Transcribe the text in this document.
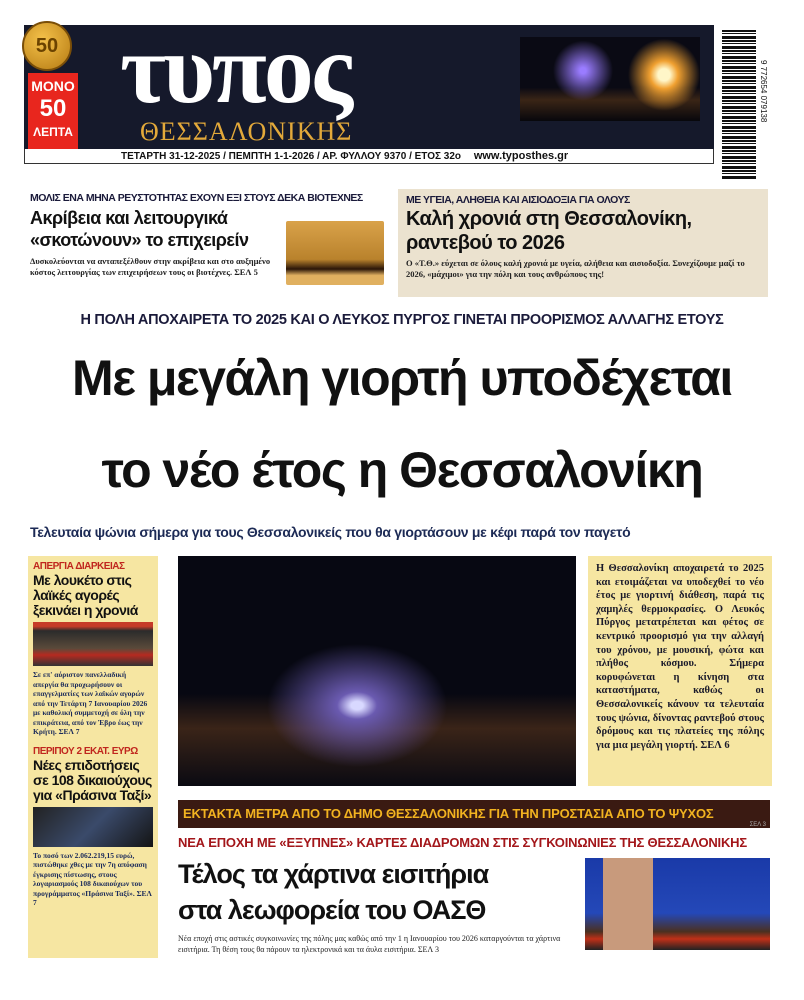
τυπος
ΘΕΣΣΑΛΟΝΙΚΗΣ
ΜΟΝΟ
50
ΛΕΠΤΑ
50
ΤΕΤΑΡΤΗ 31-12-2025 / ΠΕΜΠΤΗ 1-1-2026 / ΑΡ. ΦΥΛΛΟΥ 9370 / ΕΤΟΣ 32ο www.typosthes.gr
9 772654 079138
ΜΟΛΙΣ ΕΝΑ ΜΗΝΑ ΡΕΥΣΤΟΤΗΤΑΣ ΕΧΟΥΝ ΕΞΙ ΣΤΟΥΣ ΔΕΚΑ ΒΙΟΤΕΧΝΕΣ
Ακρίβεια και λειτουργικά
«σκοτώνουν» το επιχειρείν
Δυσκολεύονται να ανταπεξέλθουν στην ακρίβεια και στο αυξημένο κόστος λειτουργίας των επιχειρήσεων τους οι βιοτέχνες. ΣΕΛ 5
ΜΕ ΥΓΕΙΑ, ΑΛΗΘΕΙΑ ΚΑΙ ΑΙΣΙΟΔΟΞΙΑ ΓΙΑ ΟΛΟΥΣ
Καλή χρονιά στη Θεσσαλονίκη,
ραντεβού το 2026
Ο «Τ.Θ.» εύχεται σε όλους καλή χρονιά με υγεία, αλήθεια και αισιοδοξία. Συνεχίζουμε μαζί το 2026, «μάχιμοι» για την πόλη και τους ανθρώπους της!
Η ΠΟΛΗ ΑΠΟΧΑΙΡΕΤΑ ΤΟ 2025 ΚΑΙ Ο ΛΕΥΚΟΣ ΠΥΡΓΟΣ ΓΙΝΕΤΑΙ ΠΡΟΟΡΙΣΜΟΣ ΑΛΛΑΓΗΣ ΕΤΟΥΣ
Με μεγάλη γιορτή υποδέχεται
το νέο έτος η Θεσσαλονίκη
Τελευταία ψώνια σήμερα για τους Θεσσαλονικείς που θα γιορτάσουν με κέφι παρά τον παγετό
ΑΠΕΡΓΙΑ ΔΙΑΡΚΕΙΑΣ
Με λουκέτο στις λαϊκές αγορές ξεκινάει η χρονιά
Σε επ' αόριστον πανελλαδική απεργία θα προχωρήσουν οι επαγγελματίες των λαϊκών αγορών από την Τετάρτη 7 Ιανουαρίου 2026 με καθολική συμμετοχή σε όλη την επικράτεια, από τον Έβρο έως την Κρήτη. ΣΕΛ 7
ΠΕΡΙΠΟΥ 2 ΕΚΑΤ. ΕΥΡΩ
Νέες επιδοτήσεις σε 108 δικαιούχους για «Πράσινα Ταξί»
Το ποσό των 2.062.219,15 ευρώ, πιστώθηκε χθες με την 7η απόφαση έγκρισης πίστωσης, στους λογαριασμούς 108 δικαιούχων του προγράμματος «Πράσινα Ταξί». ΣΕΛ 7
Η Θεσσαλονίκη αποχαιρετά το 2025 και ετοιμάζεται να υποδεχθεί το νέο έτος με γιορτινή διάθεση, παρά τις χαμηλές θερμοκρασίες. Ο Λευκός Πύργος μετατρέπεται και φέτος σε κεντρικό προορισμό για την αλλαγή του χρόνου, με μουσική, φώτα και πλήθος κόσμου. Σήμερα κορυφώνεται η κίνηση στα καταστήματα, καθώς οι Θεσσαλονικείς κάνουν τα τελευταία τους ψώνια, δίνοντας ραντεβού στους δρόμους και τις πλατείες της πόλης για μια μεγάλη γιορτή. ΣΕΛ 6
ΕΚΤΑΚΤΑ ΜΕΤΡΑ ΑΠΟ ΤΟ ΔΗΜΟ ΘΕΣΣΑΛΟΝΙΚΗΣ ΓΙΑ ΤΗΝ ΠΡΟΣΤΑΣΙΑ ΑΠΟ ΤΟ ΨΥΧΟΣ
ΣΕΛ 3
ΝΕΑ ΕΠΟΧΗ ΜΕ «ΕΞΥΠΝΕΣ» ΚΑΡΤΕΣ ΔΙΑΔΡΟΜΩΝ ΣΤΙΣ ΣΥΓΚΟΙΝΩΝΙΕΣ ΤΗΣ ΘΕΣΣΑΛΟΝΙΚΗΣ
Τέλος τα χάρτινα εισιτήρια
στα λεωφορεία του ΟΑΣΘ
Νέα εποχή στις αστικές συγκοινωνίες της πόλης μας καθώς από την 1 η Ιανουαρίου του 2026 καταργούνται τα χάρτινα εισιτήρια. Τη θέση τους θα πάρουν τα ηλεκτρονικά και τα άυλα εισιτήρια. ΣΕΛ 3
